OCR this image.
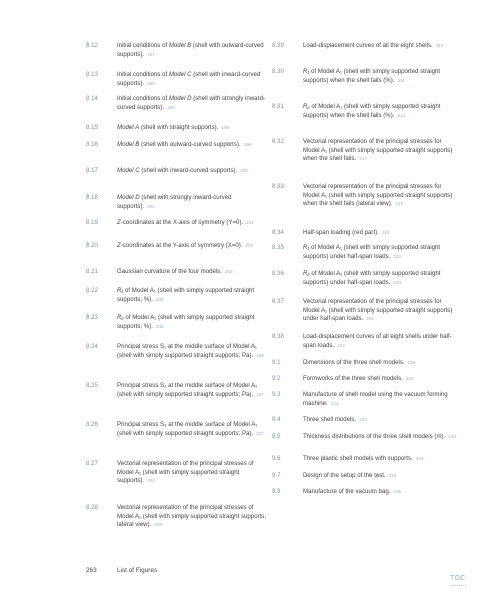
8.12	Initial conditions of Model B (shell with outward-curved supports). 197
8.13	Initial conditions of Model C (shell with inward-curved supports). 198
8.14	Initial conditions of Model D (shell with strongly inward-curved supports). 198
8.15	Model A (shell with straight supports). 199
8.16	Model B (shell with outward-curved supports). 199
8.17	Model C (shell with inward-curved supports). 200
8.18	Model D (shell with strongly inward-curved supports). 200
8.19	Z-coordinates at the X-axis of symmetry (Y=0). 201
8.20	Z-coordinates at the Y-axis of symmetry (X=0). 201
8.21	Gaussian curvature of the four models. 202
8.22	R₁ of Model A₁ (shell with simply supported straight supports; %). 205
8.23	R₂ of Model A₁ (shell with simply supported straight supports; %). 205
8.24	Principal stress S₁ at the middle surface of Model A₁ (shell with simply supported straight supports; Pa). 206
8.25	Principal stress S₂ at the middle surface of Model A₁ (shell with simply supported straight supports; Pa). 207
8.26	Principal stress S₃ at the middle surface of Model A₁ (shell with simply supported straight supports; Pa). 207
8.27	Vectorial representation of the principal stresses of Model A₁ (shell with simply supported straight supports). 208
8.28	Vectorial representation of the principal stresses of Model A₁ (shell with simply supported straight supports, lateral view). 208
8.29	Load-displacement curves of all the eight shells. 210
8.30	R₁ of Model A₁ (shell with simply supported straight supports) when the shell fails (%). 211
8.31	R₂ of Model A₁ (shell with simply supported straight supports) when the shell fails (%). 212
8.32	Vectorial representation of the principal stresses for Model A₁ (shell with simply supported straight supports) when the shell fails. 217
8.33	Vectorial representation of the principal stresses for Model A₁ (shell with simply supported straight supports) when the shell fails (lateral view). 218
8.34	Half-span loading (red part). 218
8.35	R₁ of Model A₁ (shell with simply supported straight supports) under half-span loads. 220
8.36	R₂ of Model A₁ (shell with simply supported straight supports) under half-span loads. 220
8.37	Vectorial representation of the principal stresses for Model A₁ (shell with simply supported straight supports) under half-span loads. 221
8.38	Load-displacement curves of all eight shells under half-span loads. 224
9.1	Dimensions of the three shell models. 228
9.2	Formworks of the three shell models. 229
9.3	Manufacture of shell model using the vacuum forming machine. 231
9.4	Three shell models. 232
9.5	Thickness distributions of the three shell models (m). 233
9.6	Three plastic shell models with supports. 233
9.7	Design of the setup of the test. 234
9.8	Manufacture of the vacuum bag. 235
263	List of Figures
TOC
